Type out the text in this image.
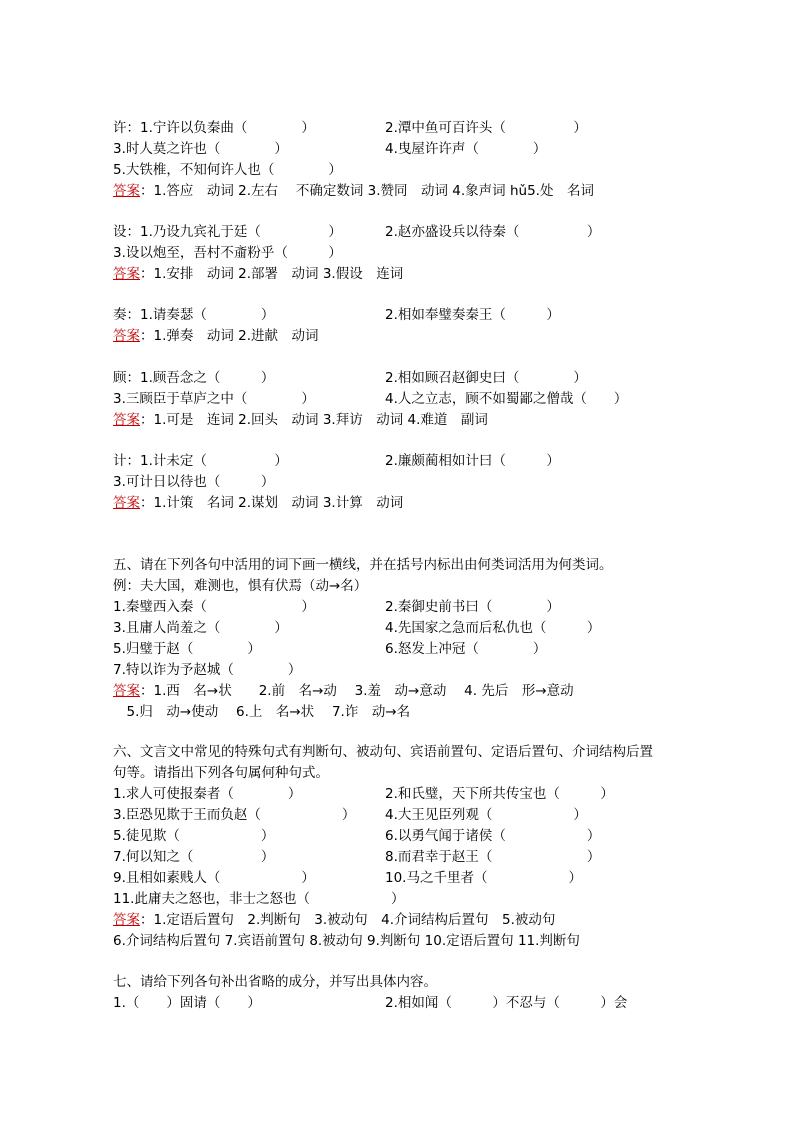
许：1.宁许以负秦曲（　　　　）	2.潭中鱼可百许头（　　　　　）
3.时人莫之许也（　　　　）	4.曳屋许许声（　　　　）
5.大铁椎，不知何许人也（　　　　）
答案：1.答应　动词 2.左右　 不确定数词 3.赞同　动词 4.象声词 hǔ5.处　名词
设：1.乃设九宾礼于廷（　　　　　）	2.赵亦盛设兵以待秦（　　　　　）
3.设以炮至，吾村不齑粉乎（　　　）
答案：1.安排　动词 2.部署　动词 3.假设　连词
奏：1.请奏瑟（　　　　）	2.相如奉璧奏秦王（　　　）
答案：1.弹奏　动词 2.进献　动词
顾：1.顾吾念之（　　　）	2.相如顾召赵御史曰（　　　　）
3.三顾臣于草庐之中（　　　　）	4.人之立志，顾不如蜀鄙之僧哉（　　）
答案：1.可是　连词 2.回头　动词 3.拜访　动词 4.难道　副词
计：1.计未定（　　　　　）	2.廉颇蔺相如计曰（　　　）
3.可计日以待也（　　　）
答案：1.计策　名词 2.谋划　动词 3.计算　动词
五、请在下列各句中活用的词下画一横线，并在括号内标出由何类词活用为何类词。
例：夫大国，难测也，惧有伏焉（动→名）
1.秦璧西入秦（　　　　　　　）	2.秦御史前书曰（　　　　）
3.且庸人尚羞之（　　　　）	4.先国家之急而后私仇也（　　　）
5.归璧于赵（　　　　）	6.怒发上冲冠（　　　　）
7.特以诈为予赵城（　　　　）
答案：1.西　名→状　　2.前　名→动　 3.羞　动→意动　 4. 先后　形→意动
　5.归　动→使动　 6.上　名→状　 7.诈　动→名
六、文言文中常见的特殊句式有判断句、被动句、宾语前置句、定语后置句、介词结构后置
句等。请指出下列各句属何种句式。
1.求人可使报秦者（　　　　）	2.和氏璧，天下所共传宝也（　　　）
3.臣恐见欺于王而负赵（　　　　　　） 4.大王见臣列观（　　　　　　）
5.徒见欺（　　　　　　）	6.以勇气闻于诸侯（　　　　　　）
7.何以知之（　　　　　）	8.而君幸于赵王（　　　　　　　）
9.且相如素贱人（　　　　　　）	10.马之千里者（　　　　　　）
11.此庸夫之怒也，非士之怒也（　　　　　　）
答案：1.定语后置句　2.判断句　3.被动句　4.介词结构后置句　5.被动句
6.介词结构后置句 7.宾语前置句 8.被动句 9.判断句 10.定语后置句 11.判断句
七、请给下列各句补出省略的成分，并写出具体内容。
1.（　　）固请（　　）	2.相如闻（　　　）不忍与（　　　）会
